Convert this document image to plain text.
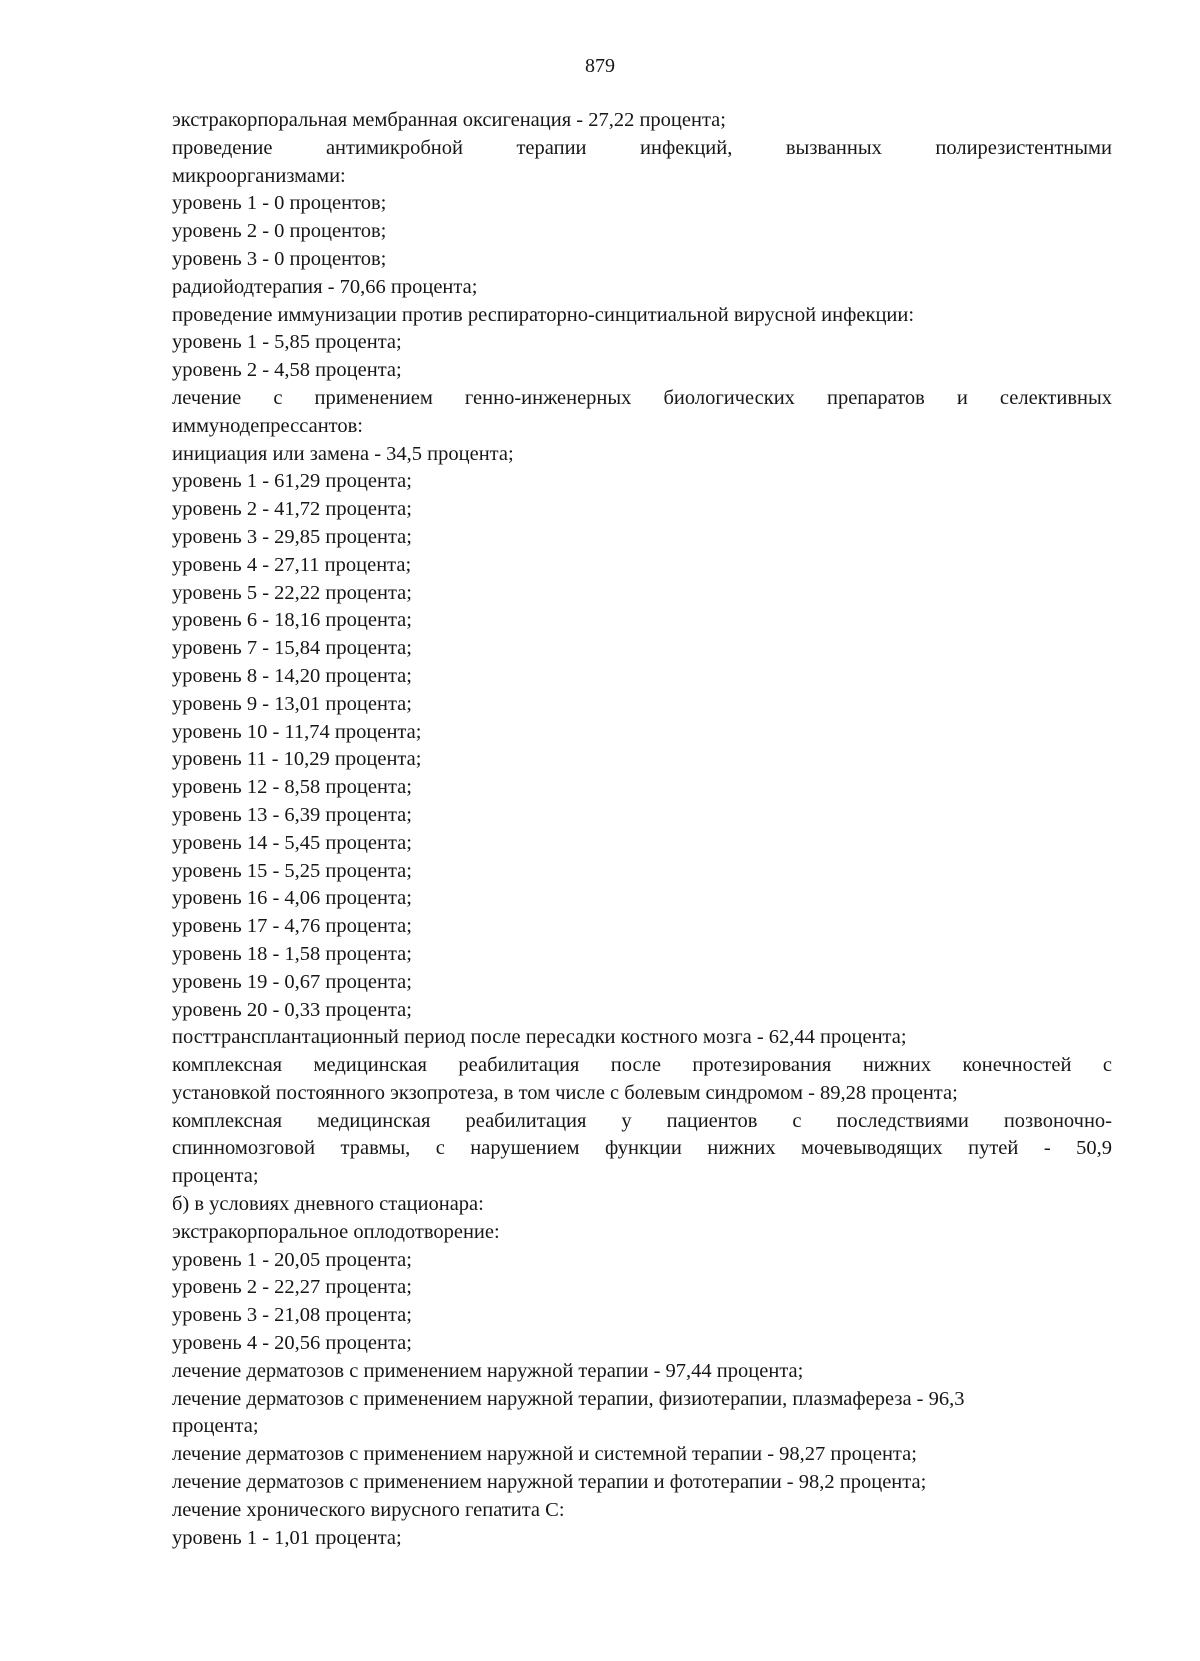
879
экстракорпоральная мембранная оксигенация - 27,22 процента;
проведение антимикробной терапии инфекций, вызванных полирезистентными
микроорганизмами:
уровень 1 - 0 процентов;
уровень 2 - 0 процентов;
уровень 3 - 0 процентов;
радиойодтерапия - 70,66 процента;
проведение иммунизации против респираторно-синцитиальной вирусной инфекции:
уровень 1 - 5,85 процента;
уровень 2 - 4,58 процента;
лечение с применением генно-инженерных биологических препаратов и селективных
иммунодепрессантов:
инициация или замена - 34,5 процента;
уровень 1 - 61,29 процента;
уровень 2 - 41,72 процента;
уровень 3 - 29,85 процента;
уровень 4 - 27,11 процента;
уровень 5 - 22,22 процента;
уровень 6 - 18,16 процента;
уровень 7 - 15,84 процента;
уровень 8 - 14,20 процента;
уровень 9 - 13,01 процента;
уровень 10 - 11,74 процента;
уровень 11 - 10,29 процента;
уровень 12 - 8,58 процента;
уровень 13 - 6,39 процента;
уровень 14 - 5,45 процента;
уровень 15 - 5,25 процента;
уровень 16 - 4,06 процента;
уровень 17 - 4,76 процента;
уровень 18 - 1,58 процента;
уровень 19 - 0,67 процента;
уровень 20 - 0,33 процента;
посттрансплантационный период после пересадки костного мозга - 62,44 процента;
комплексная медицинская реабилитация после протезирования нижних конечностей с
установкой постоянного экзопротеза, в том числе с болевым синдромом - 89,28 процента;
комплексная медицинская реабилитация у пациентов с последствиями позвоночно-
спинномозговой травмы, с нарушением функции нижних мочевыводящих путей - 50,9
процента;
б) в условиях дневного стационара:
экстракорпоральное оплодотворение:
уровень 1 - 20,05 процента;
уровень 2 - 22,27 процента;
уровень 3 - 21,08 процента;
уровень 4 - 20,56 процента;
лечение дерматозов с применением наружной терапии - 97,44 процента;
лечение дерматозов с применением наружной терапии, физиотерапии, плазмафереза - 96,3
процента;
лечение дерматозов с применением наружной и системной терапии - 98,27 процента;
лечение дерматозов с применением наружной терапии и фототерапии - 98,2 процента;
лечение хронического вирусного гепатита C:
уровень 1 - 1,01 процента;
